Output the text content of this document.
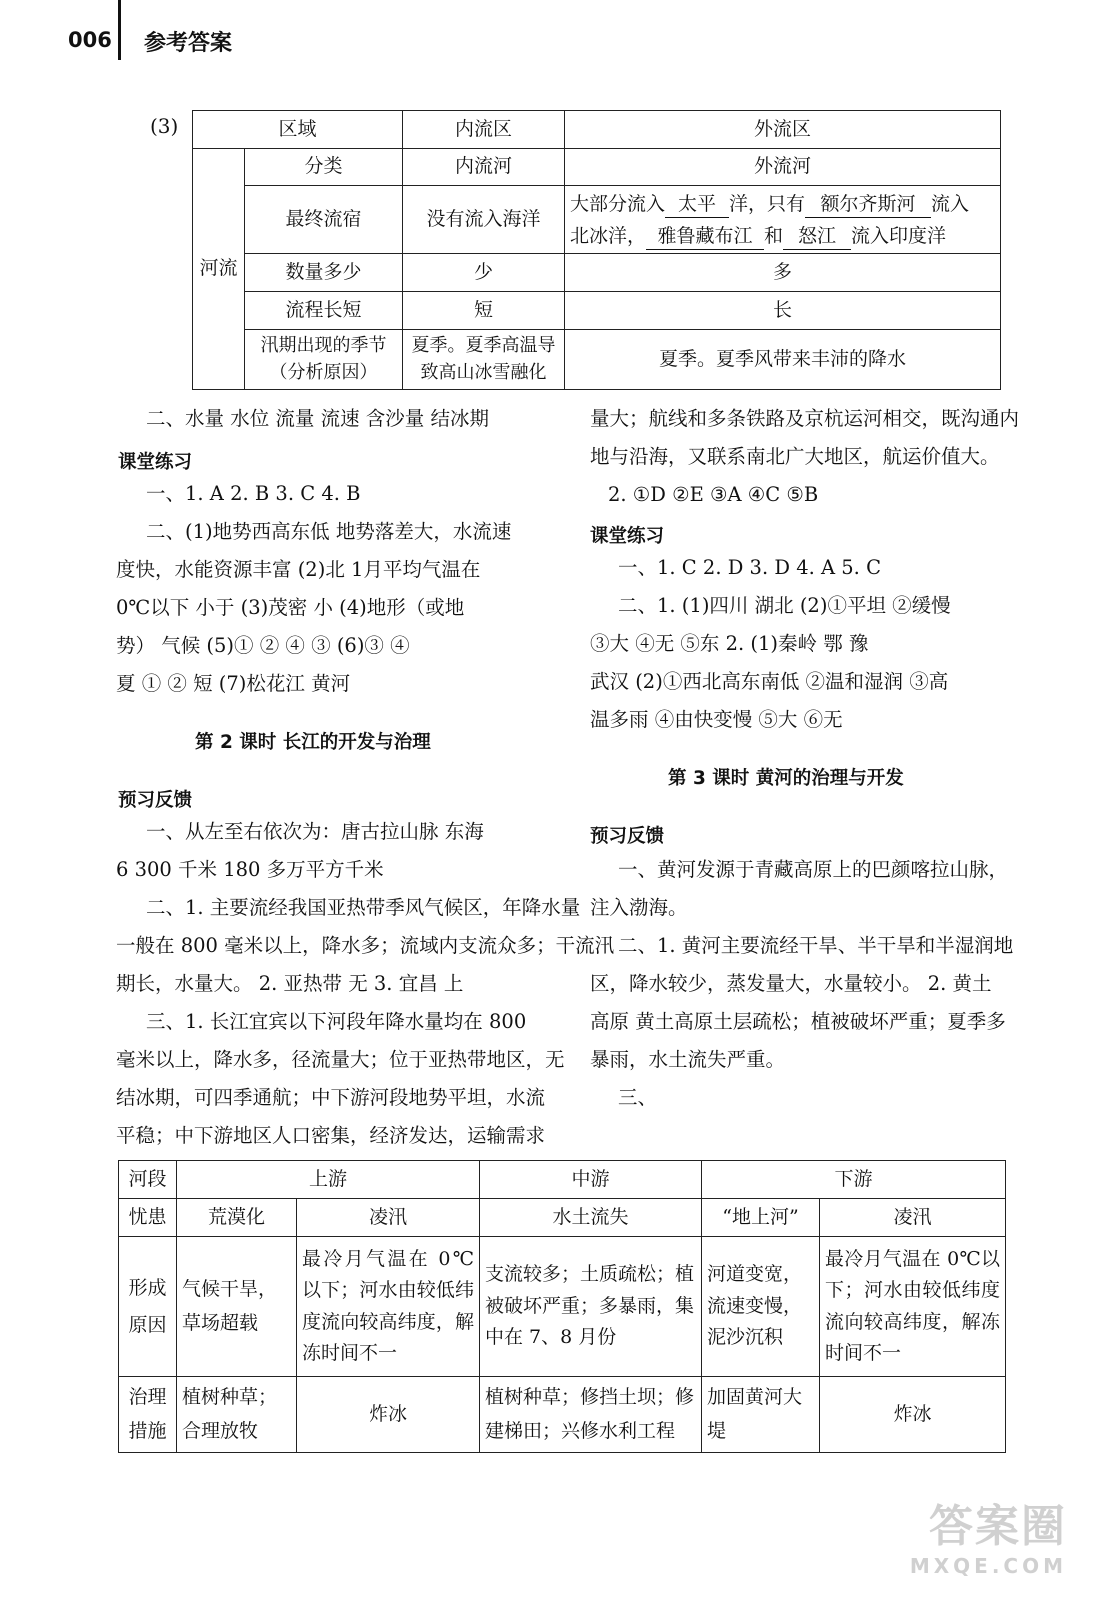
006 参考答案
(3)	区域		内流区	外流区
河流	分类	内流河	外流河
	最终流宿	没有流入海洋	大部分流入 太平 洋，只有 额尔齐斯河 流入
北冰洋， 雅鲁藏布江 和 怒江 流入印度洋
	数量多少	少	多
	流程长短	短	长
	汛期出现的季节（分析原因）	夏季。夏季高温导致高山冰雪融化	夏季。夏季风带来丰沛的降水
二、水量 水位 流量 流速 含沙量 结冰期
课堂练习
一、1. A 2. B 3. C 4. B
二、(1)地势西高东低 地势落差大，水流速
度快，水能资源丰富 (2)北 1月平均气温在
0℃以下 小于 (3)茂密 小 (4)地形（或地
势） 气候 (5)① ② ④ ③ (6)③ ④
夏 ① ② 短 (7)松花江 黄河
第 2 课时 长江的开发与治理
预习反馈
一、从左至右依次为：唐古拉山脉 东海
6 300 千米 180 多万平方千米
二、1. 主要流经我国亚热带季风气候区，年降水量
一般在 800 毫米以上，降水多；流域内支流众多；干流汛
期长，水量大。 2. 亚热带 无 3. 宜昌 上
三、1. 长江宜宾以下河段年降水量均在 800
毫米以上，降水多，径流量大；位于亚热带地区，无
结冰期，可四季通航；中下游河段地势平坦，水流
平稳；中下游地区人口密集，经济发达，运输需求
量大；航线和多条铁路及京杭运河相交，既沟通内
地与沿海，又联系南北广大地区，航运价值大。
2. ①D ②E ③A ④C ⑤B
课堂练习
一、1. C 2. D 3. D 4. A 5. C
二、1. (1)四川 湖北 (2)①平坦 ②缓慢
③大 ④无 ⑤东 2. (1)秦岭 鄂 豫
武汉 (2)①西北高东南低 ②温和湿润 ③高
温多雨 ④由快变慢 ⑤大 ⑥无
第 3 课时 黄河的治理与开发
预习反馈
一、黄河发源于青藏高原上的巴颜喀拉山脉，
注入渤海。
二、1. 黄河主要流经干旱、半干旱和半湿润地
区，降水较少，蒸发量大，水量较小。 2. 黄土
高原 黄土高原土层疏松；植被破坏严重；夏季多
暴雨，水土流失严重。
三、
河段	上游		中游	下游	
忧患	荒漠化	凌汛	水土流失	“地上河”	凌汛
形成原因	气候干旱，草场超载	最冷月气温在 0℃以下；河水由较低纬度流向较高纬度，解冻时间不一	支流较多；土质疏松；植被破坏严重；多暴雨，集中在 7、8 月份	河道变宽，流速变慢，泥沙沉积	最冷月气温在 0℃以下；河水由较低纬度流向较高纬度，解冻时间不一
治理措施	植树种草；合理放牧	炸冰	植树种草；修挡土坝；修建梯田；兴修水利工程	加固黄河大堤	炸冰
答案圈
MXQE.COM
